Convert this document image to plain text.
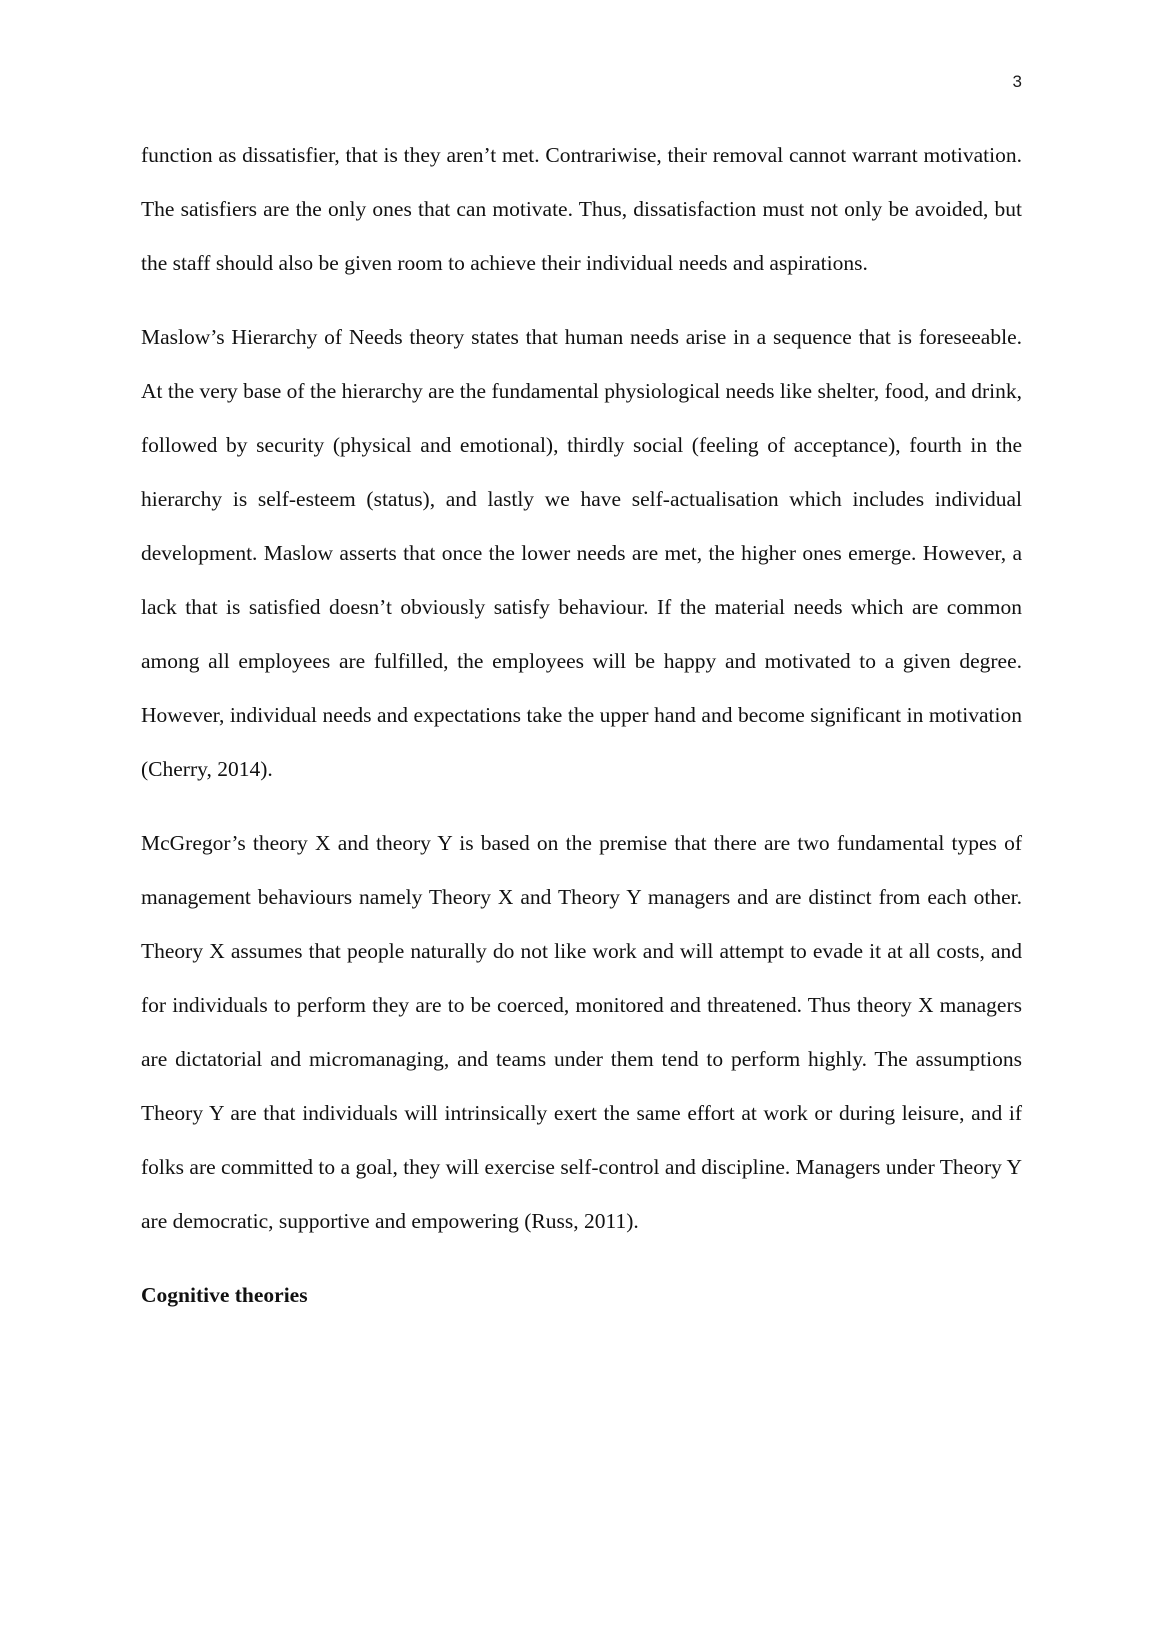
3

function as dissatisfier, that is they aren’t met. Contrariwise, their removal cannot warrant motivation. The satisfiers are the only ones that can motivate. Thus, dissatisfaction must not only be avoided, but the staff should also be given room to achieve their individual needs and aspirations.

Maslow’s Hierarchy of Needs theory states that human needs arise in a sequence that is foreseeable. At the very base of the hierarchy are the fundamental physiological needs like shelter, food, and drink, followed by security (physical and emotional), thirdly social (feeling of acceptance), fourth in the hierarchy is self-esteem (status), and lastly we have self-actualisation which includes individual development. Maslow asserts that once the lower needs are met, the higher ones emerge. However, a lack that is satisfied doesn’t obviously satisfy behaviour. If the material needs which are common among all employees are fulfilled, the employees will be happy and motivated to a given degree. However, individual needs and expectations take the upper hand and become significant in motivation (Cherry, 2014).

McGregor’s theory X and theory Y is based on the premise that there are two fundamental types of management behaviours namely Theory X and Theory Y managers and are distinct from each other. Theory X assumes that people naturally do not like work and will attempt to evade it at all costs, and for individuals to perform they are to be coerced, monitored and threatened. Thus theory X managers are dictatorial and micromanaging, and teams under them tend to perform highly. The assumptions Theory Y are that individuals will intrinsically exert the same effort at work or during leisure, and if folks are committed to a goal, they will exercise self-control and discipline. Managers under Theory Y are democratic, supportive and empowering (Russ, 2011).

Cognitive theories
